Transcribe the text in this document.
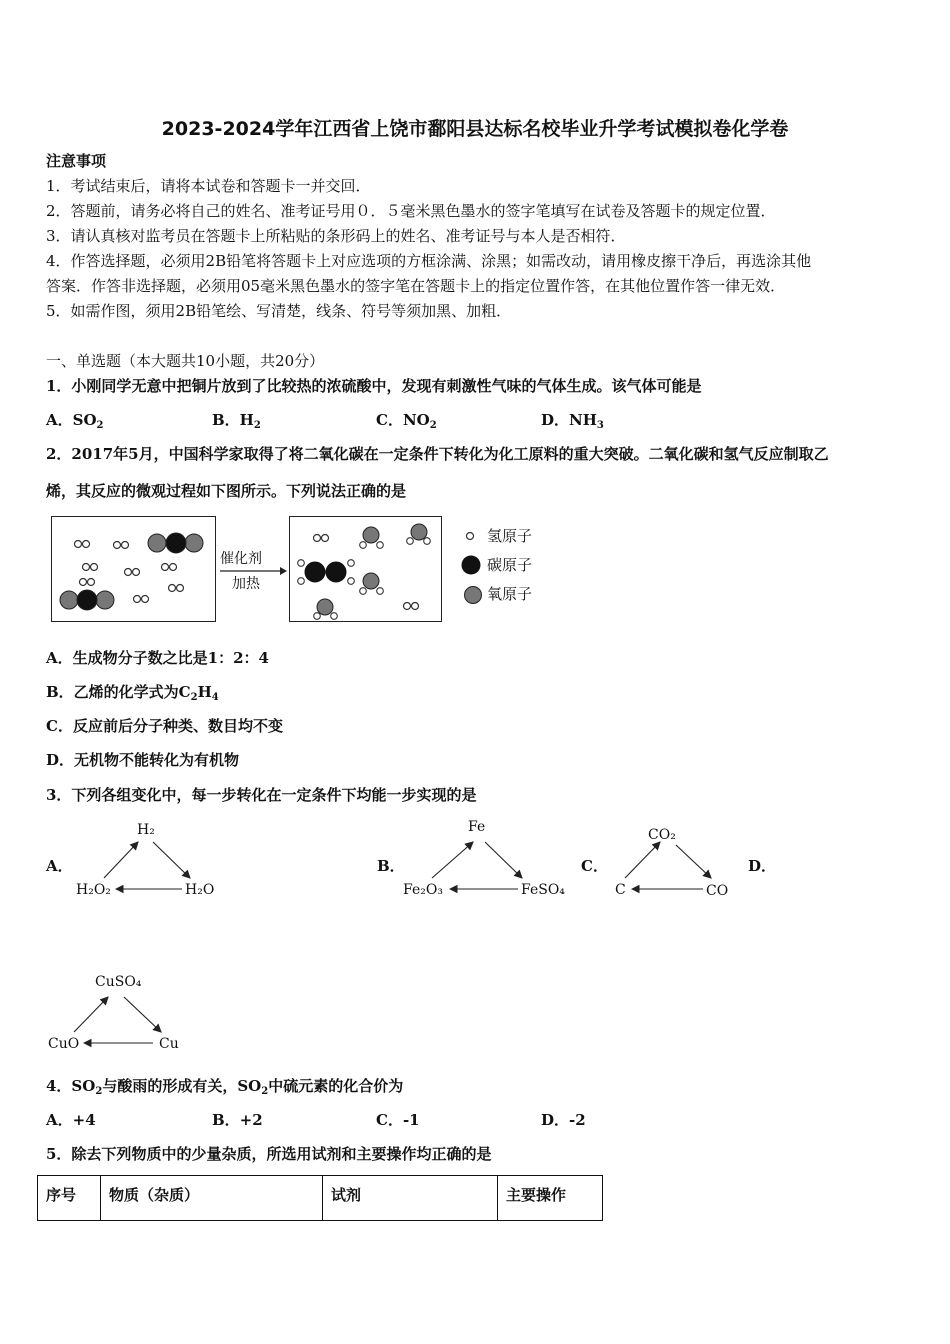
2023-2024学年江西省上饶市鄱阳县达标名校毕业升学考试模拟卷化学卷
注意事项
1．考试结束后，请将本试卷和答题卡一并交回．
2．答题前，请务必将自己的姓名、准考证号用０．５毫米黑色墨水的签字笔填写在试卷及答题卡的规定位置．
3．请认真核对监考员在答题卡上所粘贴的条形码上的姓名、准考证号与本人是否相符．
4．作答选择题，必须用2B铅笔将答题卡上对应选项的方框涂满、涂黑；如需改动，请用橡皮擦干净后，再选涂其他
答案．作答非选择题，必须用05毫米黑色墨水的签字笔在答题卡上的指定位置作答，在其他位置作答一律无效．
5．如需作图，须用2B铅笔绘、写清楚，线条、符号等须加黑、加粗．
一、单选题（本大题共10小题，共20分）
1．小刚同学无意中把铜片放到了比较热的浓硫酸中，发现有刺激性气味的气体生成。该气体可能是
A．$SO_2$	B．$H_2$	C．$NO_2$	D．$NH_3$
2．2017年5月，中国科学家取得了将二氧化碳在一定条件下转化为化工原料的重大突破。二氧化碳和氢气反应制取乙
烯，其反应的微观过程如下图所示。下列说法正确的是
催化剂
加热
氢原子
碳原子
氧原子
A．生成物分子数之比是1：2：4
B．乙烯的化学式为$C_2H_4$
C．反应前后分子种类、数目均不变
D．无机物不能转化为有机物
3．下列各组变化中，每一步转化在一定条件下均能一步实现的是
A．
H₂
H₂O₂	H₂O
B．
Fe
Fe₂O₃	FeSO₄
C．
CO₂
C	CO
D．
CuSO₄
CuO	Cu
4．$SO_2$与酸雨的形成有关，$SO_2$中硫元素的化合价为
A．+4	B．+2	C．-1	D．-2
5．除去下列物质中的少量杂质，所选用试剂和主要操作均正确的是
序号	物质（杂质）	试剂	主要操作
